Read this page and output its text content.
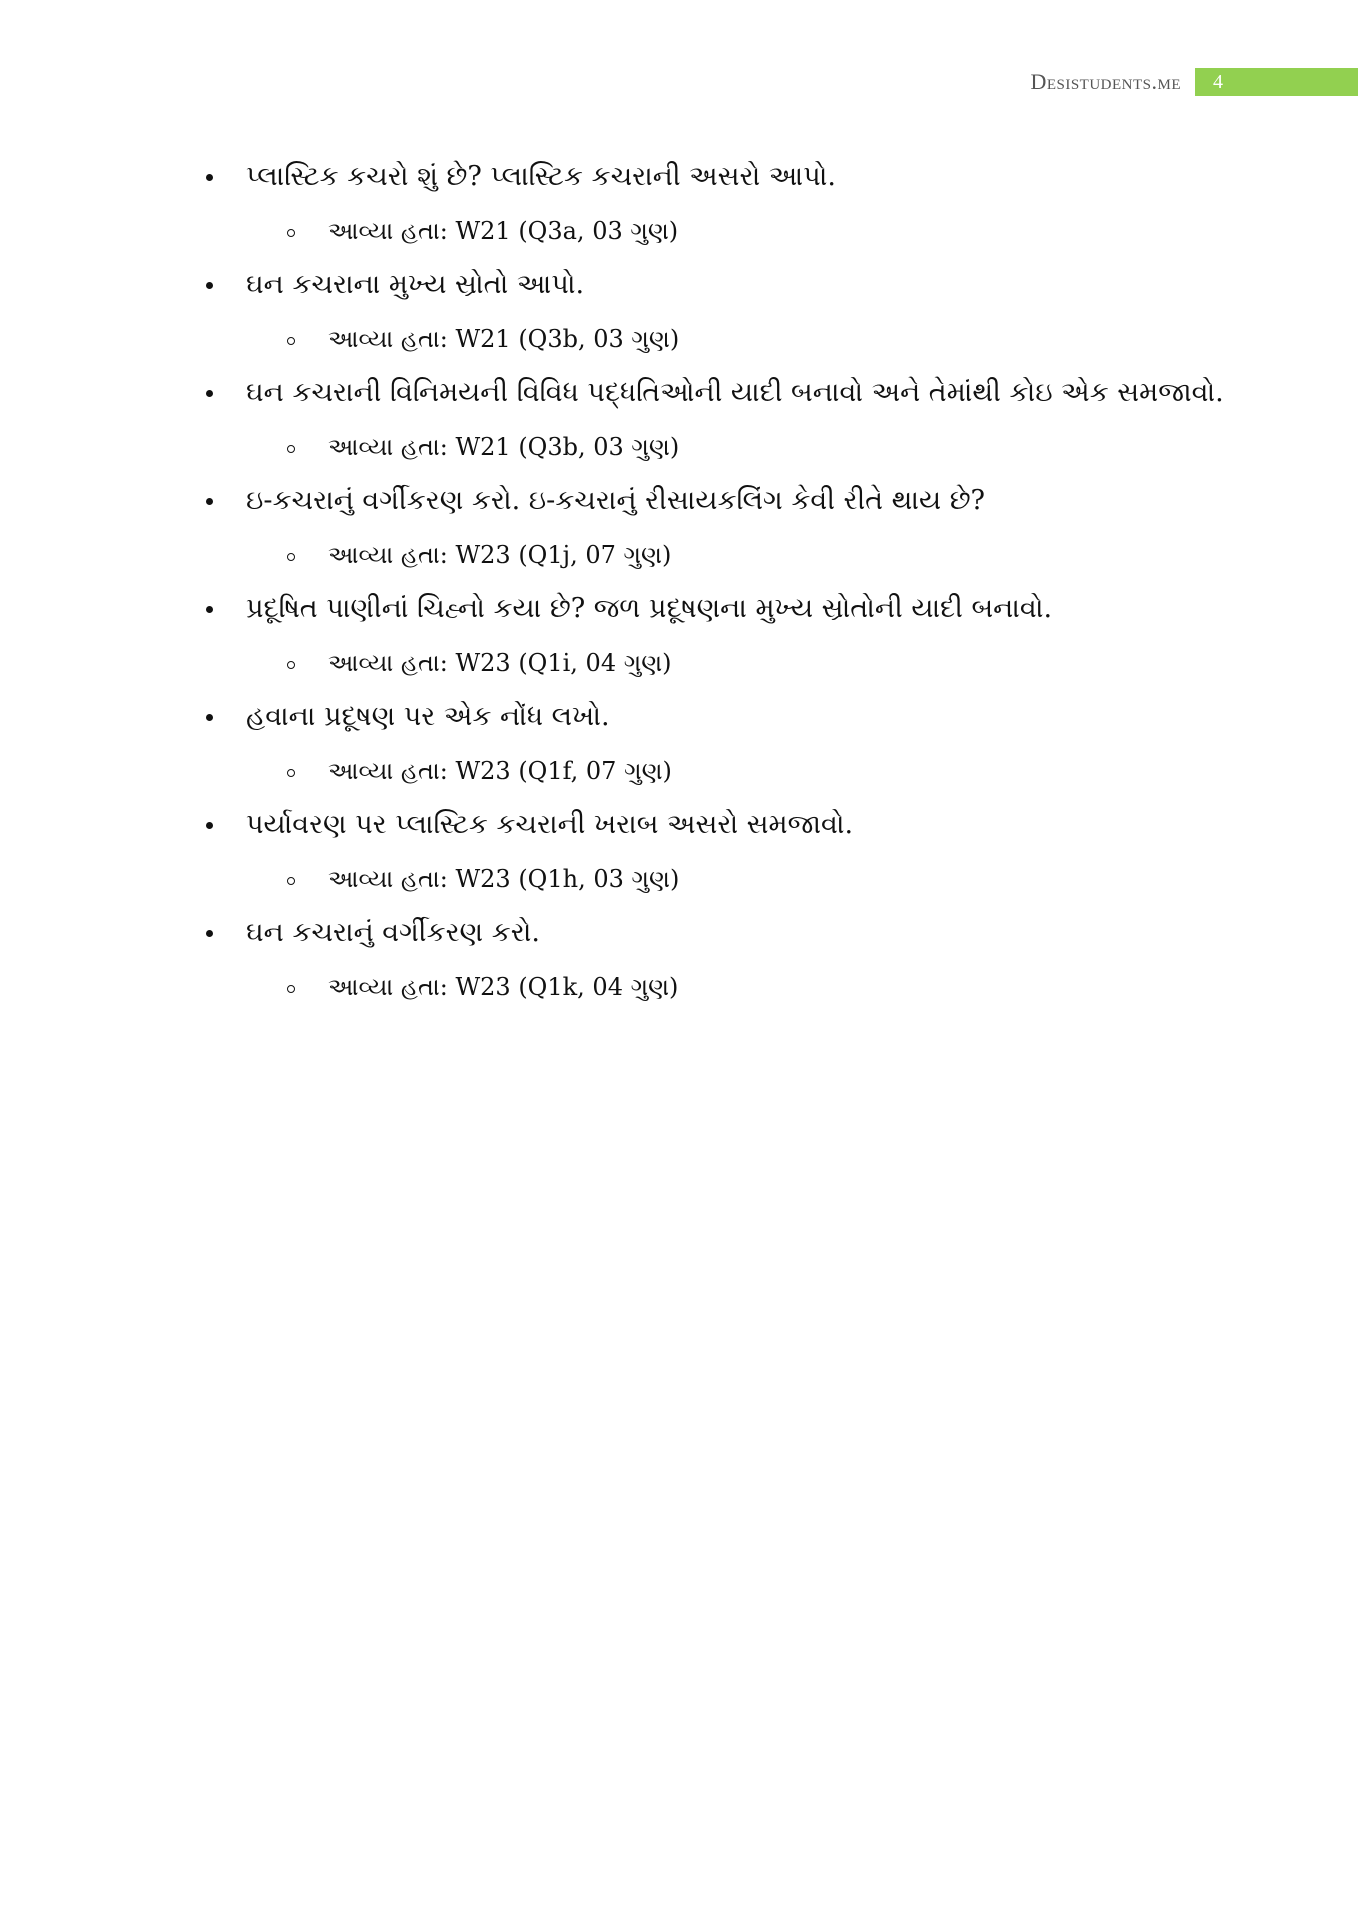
Desistudents.me	4
પ્લાસ્ટિક કચરો શું છે? પ્લાસ્ટિક કચરાની અસરો આપો.
આવ્યા હતા: W21 (Q3a, 03 ગુણ)
ઘન કચરાના મુખ્ય સ્રોતો આપો.
આવ્યા હતા: W21 (Q3b, 03 ગુણ)
ઘન કચરાની વિનિમયની વિવિધ પદ્ધતિઓની યાદી બનાવો અને તેમાંથી કોઇ એક સમજાવો.
આવ્યા હતા: W21 (Q3b, 03 ગુણ)
ઇ-કચરાનું વર્ગીકરણ કરો. ઇ-કચરાનું રીસાયકલિંગ કેવી રીતે થાય છે?
આવ્યા હતા: W23 (Q1j, 07 ગુણ)
પ્રદૂષિત પાણીનાં ચિહ્નો કયા છે? જળ પ્રદૂષણના મુખ્ય સ્રોતોની યાદી બનાવો.
આવ્યા હતા: W23 (Q1i, 04 ગુણ)
હવાના પ્રદૂષણ પર એક નોંધ લખો.
આવ્યા હતા: W23 (Q1f, 07 ગુણ)
પર્યાવરણ પર પ્લાસ્ટિક કચરાની ખરાબ અસરો સમજાવો.
આવ્યા હતા: W23 (Q1h, 03 ગુણ)
ઘન કચરાનું વર્ગીકરણ કરો.
આવ્યા હતા: W23 (Q1k, 04 ગુણ)
